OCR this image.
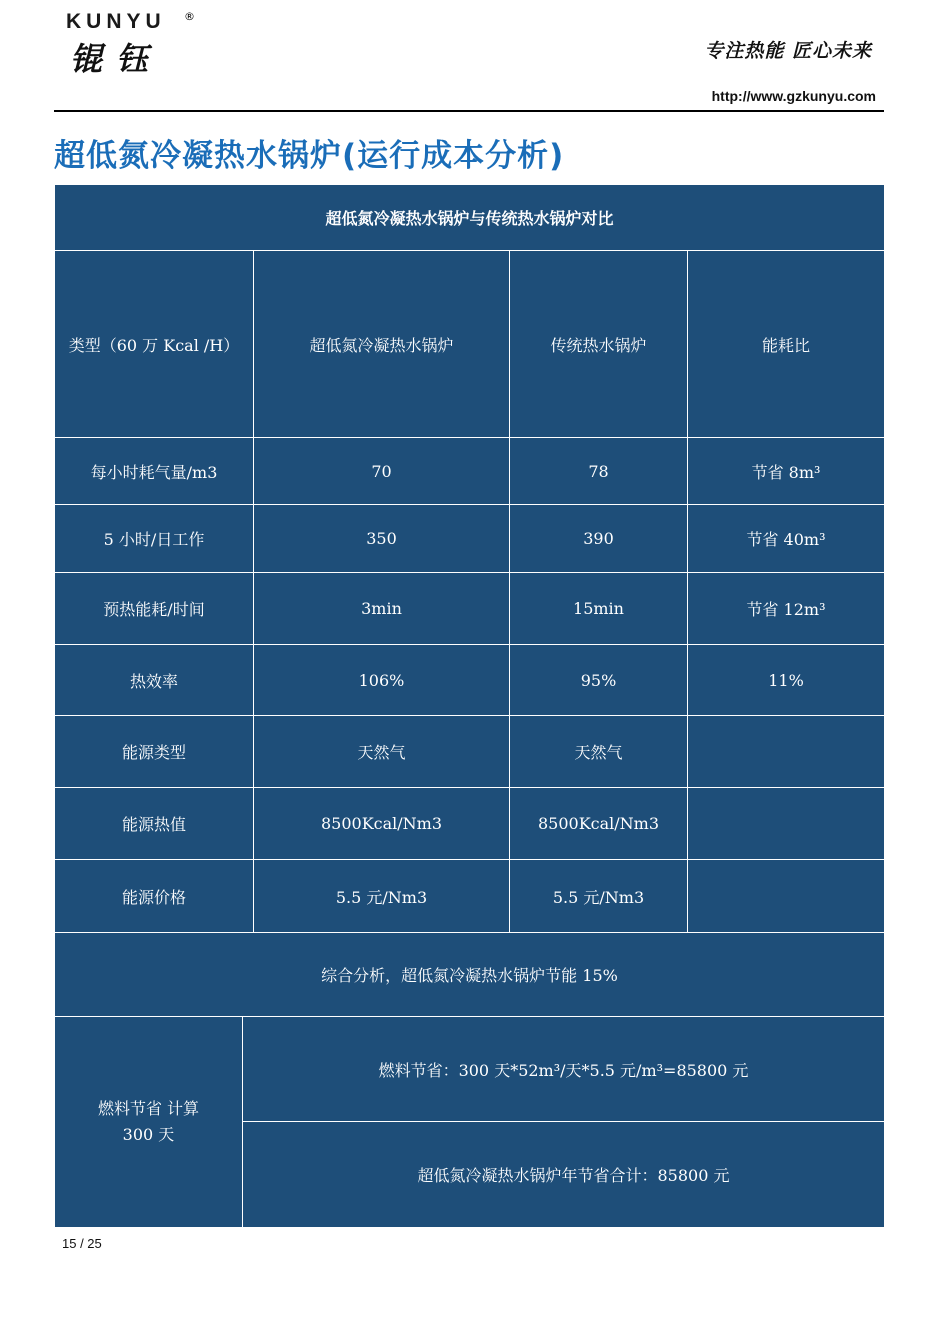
KUNYU ®
锟钰	专注热能 匠心未来
http://www.gzkunyu.com
超低氮冷凝热水锅炉(运行成本分析)
超低氮冷凝热水锅炉与传统热水锅炉对比				
类型（60 万 Kcal /H）		超低氮冷凝热水锅炉	传统热水锅炉	能耗比
每小时耗气量/m3		70	78	节省 8m³
5 小时/日工作		350	390	节省 40m³
预热能耗/时间		3min	15min	节省 12m³
热效率		106%	95%	11%
能源类型		天然气	天然气	
能源热值		8500Kcal/Nm3	8500Kcal/Nm3	
能源价格		5.5 元/Nm3	5.5 元/Nm3	
综合分析，超低氮冷凝热水锅炉节能 15%				
燃料节省 计算 300 天	燃料节省：300 天*52m³/天*5.5 元/m³=85800 元			
	超低氮冷凝热水锅炉年节省合计：85800 元			
15 / 25
